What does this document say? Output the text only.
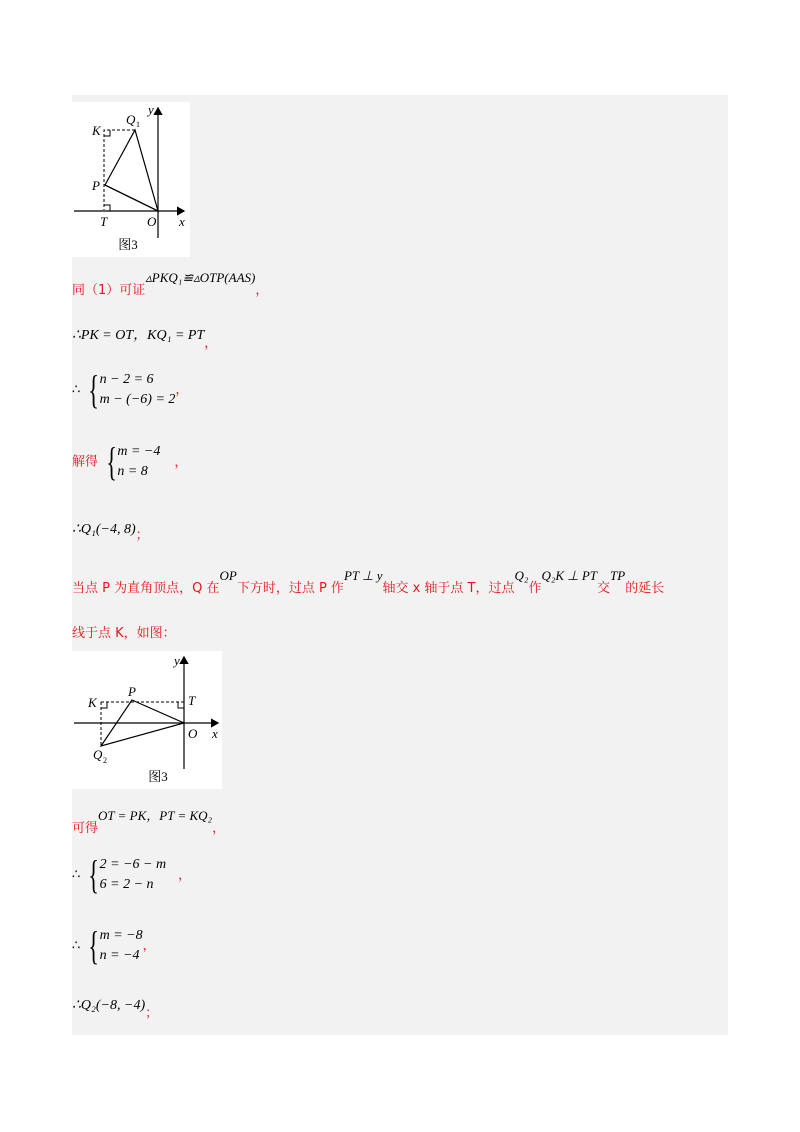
y
K
Q 1
P
T	O x
图3
同（1）可证▵PKQ₁≌▵OTP(AAS)，
∴PK = OT，KQ₁ = PT，
∴ { n − 2 = 6
m − (−6) = 2
，
解得 { m = −4
n = 8
，
∴Q₁(−4, 8)；
当点 P 为直角顶点，Q 在OP下方时，过点 P 作PT ⊥ y轴交 x 轴于点 T，过点Q₂作Q₂K ⊥ PT交TP的延长
线于点 K，如图：
y
K
P
T
O x
Q 2
图3
可得OT = PK，PT = KQ₂，
∴ { 2 = −6 − m
6 = 2 − n
，
∴ { m = −8
n = −4
，
∴Q₂(−8, −4)；
